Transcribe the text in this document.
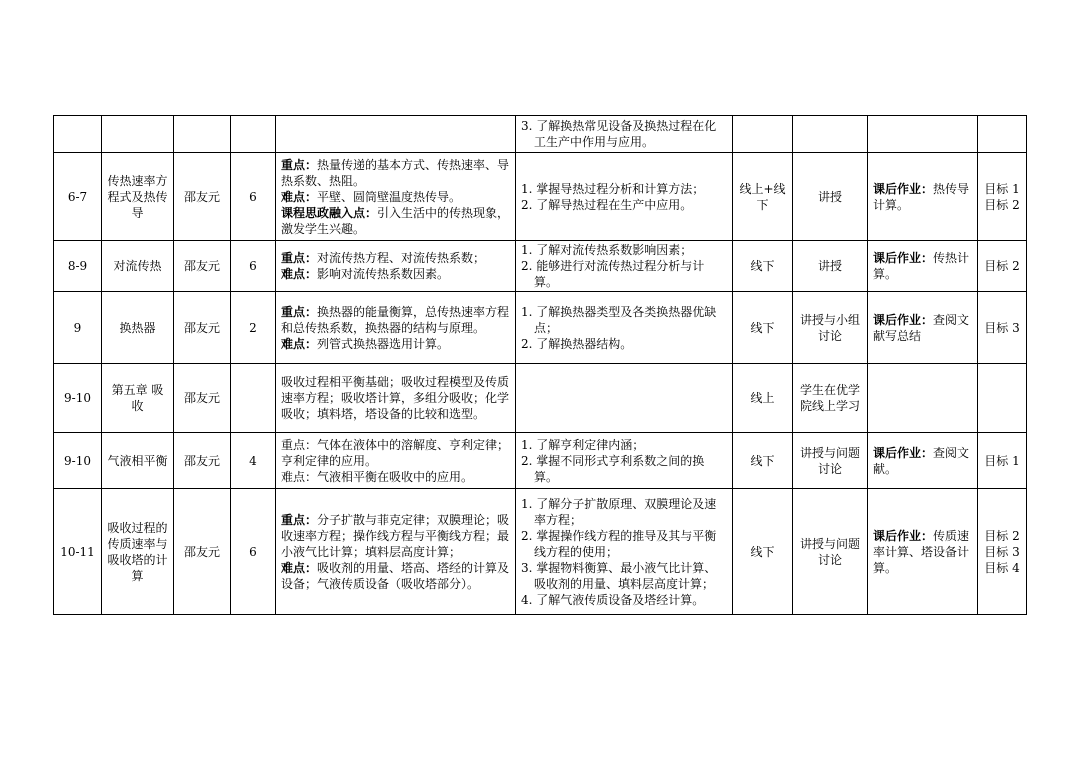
					3. 了解换热常见设备及换热过程在化工生产中作用与应用。				

6-7	传热速率方程式及热传导	邵友元	6	重点：热量传递的基本方式、传热速率、导热系数、热阻。
难点：平壁、圆筒壁温度热传导。
课程思政融入点：引入生活中的传热现象，激发学生兴趣。	1. 掌握导热过程分析和计算方法；
2. 了解导热过程在生产中应用。	线上+线下	讲授	课后作业：热传导计算。	目标 1
目标 2

8-9	对流传热	邵友元	6	重点：对流传热方程、对流传热系数；
难点：影响对流传热系数因素。	1. 了解对流传热系数影响因素；
2. 能够进行对流传热过程分析与计算。	线下	讲授	课后作业：传热计算。	目标 2

9	换热器	邵友元	2	重点：换热器的能量衡算，总传热速率方程和总传热系数，换热器的结构与原理。
难点：列管式换热器选用计算。	1. 了解换热器类型及各类换热器优缺点；
2. 了解换热器结构。	线下	讲授与小组讨论	课后作业：查阅文献写总结	目标 3

9-10	第五章 吸收	邵友元		吸收过程相平衡基础；吸收过程模型及传质速率方程；吸收塔计算，多组分吸收；化学吸收；填料塔，塔设备的比较和选型。		线上	学生在优学院线上学习		
9-10	气液相平衡	邵友元	4	重点：气体在液体中的溶解度、亨利定律；亨利定律的应用。
难点：气液相平衡在吸收中的应用。	1. 了解亨利定律内涵；
2. 掌握不同形式亨利系数之间的换算。	线下	讲授与问题讨论	课后作业：查阅文献。	目标 1

10-11	吸收过程的传质速率与吸收塔的计算	邵友元	6	重点：分子扩散与菲克定律；双膜理论；吸收速率方程；操作线方程与平衡线方程；最小液气比计算；填料层高度计算；
难点：吸收剂的用量、塔高、塔经的计算及设备；气液传质设备（吸收塔部分）。	1. 了解分子扩散原理、双膜理论及速率方程；
2. 掌握操作线方程的推导及其与平衡线方程的使用；
3. 掌握物料衡算、最小液气比计算、吸收剂的用量、填料层高度计算；
4. 了解气液传质设备及塔经计算。	线下	讲授与问题讨论	课后作业：传质速率计算、塔设备计算。	目标 2
目标 3
目标 4
